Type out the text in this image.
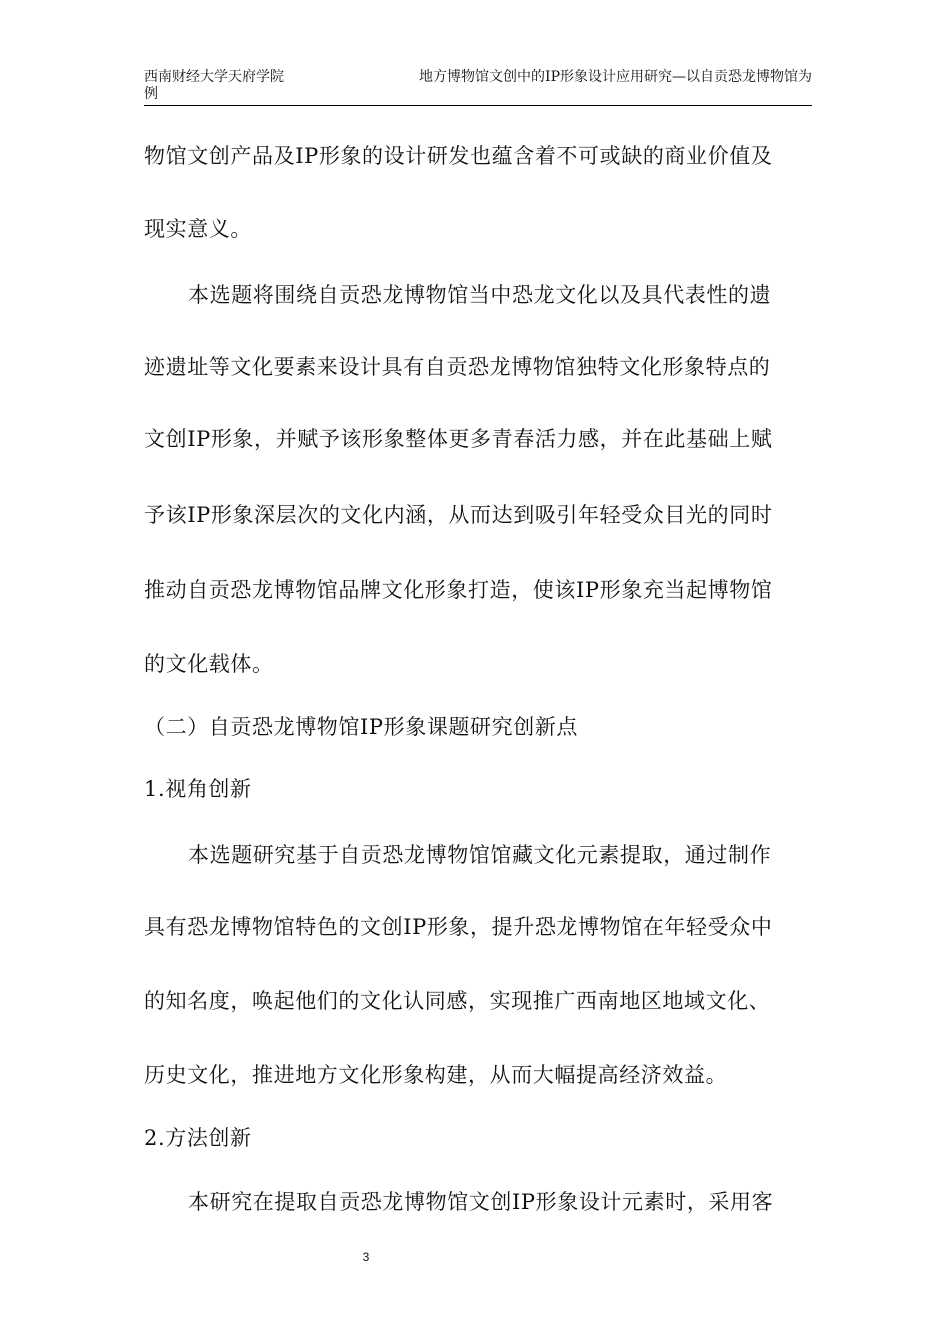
西南财经大学天府学院
例
地方博物馆文创中的IP形象设计应用研究—以自贡恐龙博物馆为
物馆文创产品及IP形象的设计研发也蕴含着不可或缺的商业价值及
现实意义。
本选题将围绕自贡恐龙博物馆当中恐龙文化以及具代表性的遗
迹遗址等文化要素来设计具有自贡恐龙博物馆独特文化形象特点的
文创IP形象，并赋予该形象整体更多青春活力感，并在此基础上赋
予该IP形象深层次的文化内涵，从而达到吸引年轻受众目光的同时
推动自贡恐龙博物馆品牌文化形象打造，使该IP形象充当起博物馆
的文化载体。
（二）自贡恐龙博物馆IP形象课题研究创新点
1.视角创新
本选题研究基于自贡恐龙博物馆馆藏文化元素提取，通过制作
具有恐龙博物馆特色的文创IP形象，提升恐龙博物馆在年轻受众中
的知名度，唤起他们的文化认同感，实现推广西南地区地域文化、
历史文化，推进地方文化形象构建，从而大幅提高经济效益。
2.方法创新
本研究在提取自贡恐龙博物馆文创IP形象设计元素时，采用客
3
